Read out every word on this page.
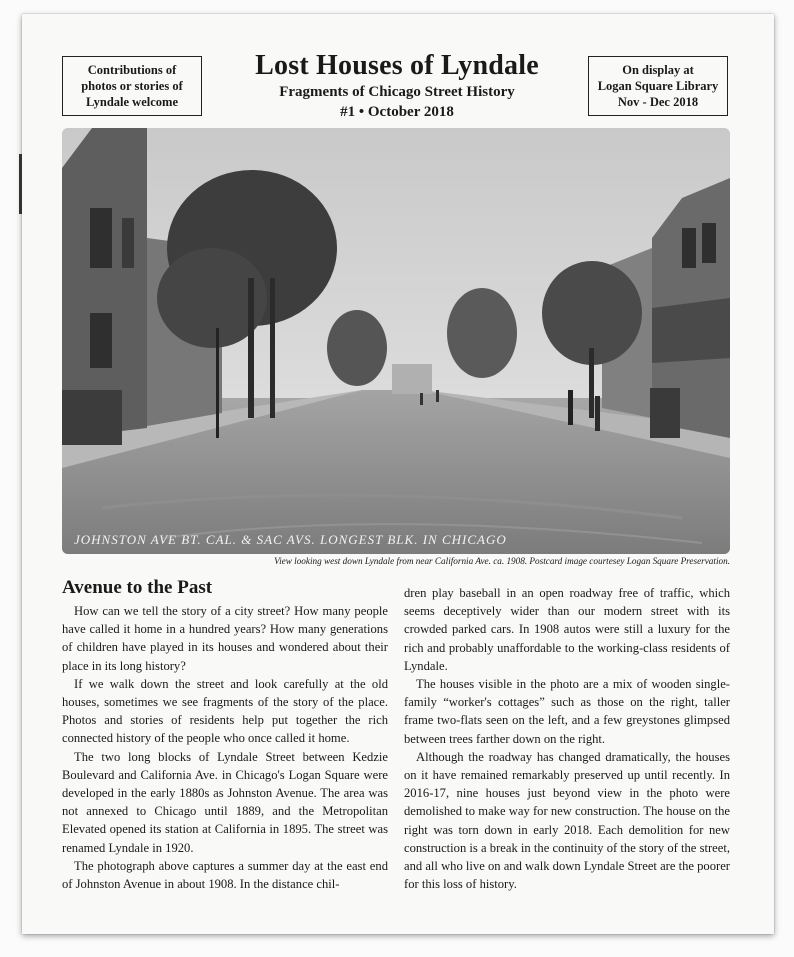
Contributions of
photos or stories of
Lyndale welcome
Lost Houses of Lyndale
Fragments of Chicago Street History
#1 • October 2018
On display at
Logan Square Library
Nov - Dec 2018
JOHNSTON AVE BT. CAL. & SAC AVS. LONGEST BLK. IN CHICAGO
View looking west down Lyndale from near California Ave. ca. 1908. Postcard image courtesey Logan Square Preservation.
Avenue to the Past

How can we tell the story of a city street? How many people have called it home in a hundred years? How many generations of children have played in its houses and wondered about their place in its long history?

If we walk down the street and look carefully at the old houses, sometimes we see fragments of the story of the place. Photos and stories of residents help put together the rich connected history of the people who once called it home.

The two long blocks of Lyndale Street between Kedzie Boulevard and California Ave. in Chicago's Logan Square were developed in the early 1880s as Johnston Avenue. The area was not annexed to Chicago until 1889, and the Metropolitan Elevated opened its station at California in 1895. The street was renamed Lyndale in 1920.

The photograph above captures a summer day at the east end of Johnston Avenue in about 1908. In the distance chil-

dren play baseball in an open roadway free of traffic, which seems deceptively wider than our modern street with its crowded parked cars. In 1908 autos were still a luxury for the rich and probably unaffordable to the working-class residents of Lyndale.

The houses visible in the photo are a mix of wooden single-family “worker's cottages” such as those on the right, taller frame two-flats seen on the left, and a few greystones glimpsed between trees farther down on the right.

Although the roadway has changed dramatically, the houses on it have remained remarkably preserved up until recently. In 2016-17, nine houses just beyond view in the photo were demolished to make way for new construction. The house on the right was torn down in early 2018. Each demolition for new construction is a break in the continuity of the story of the street, and all who live on and walk down Lyndale Street are the poorer for this loss of history.
